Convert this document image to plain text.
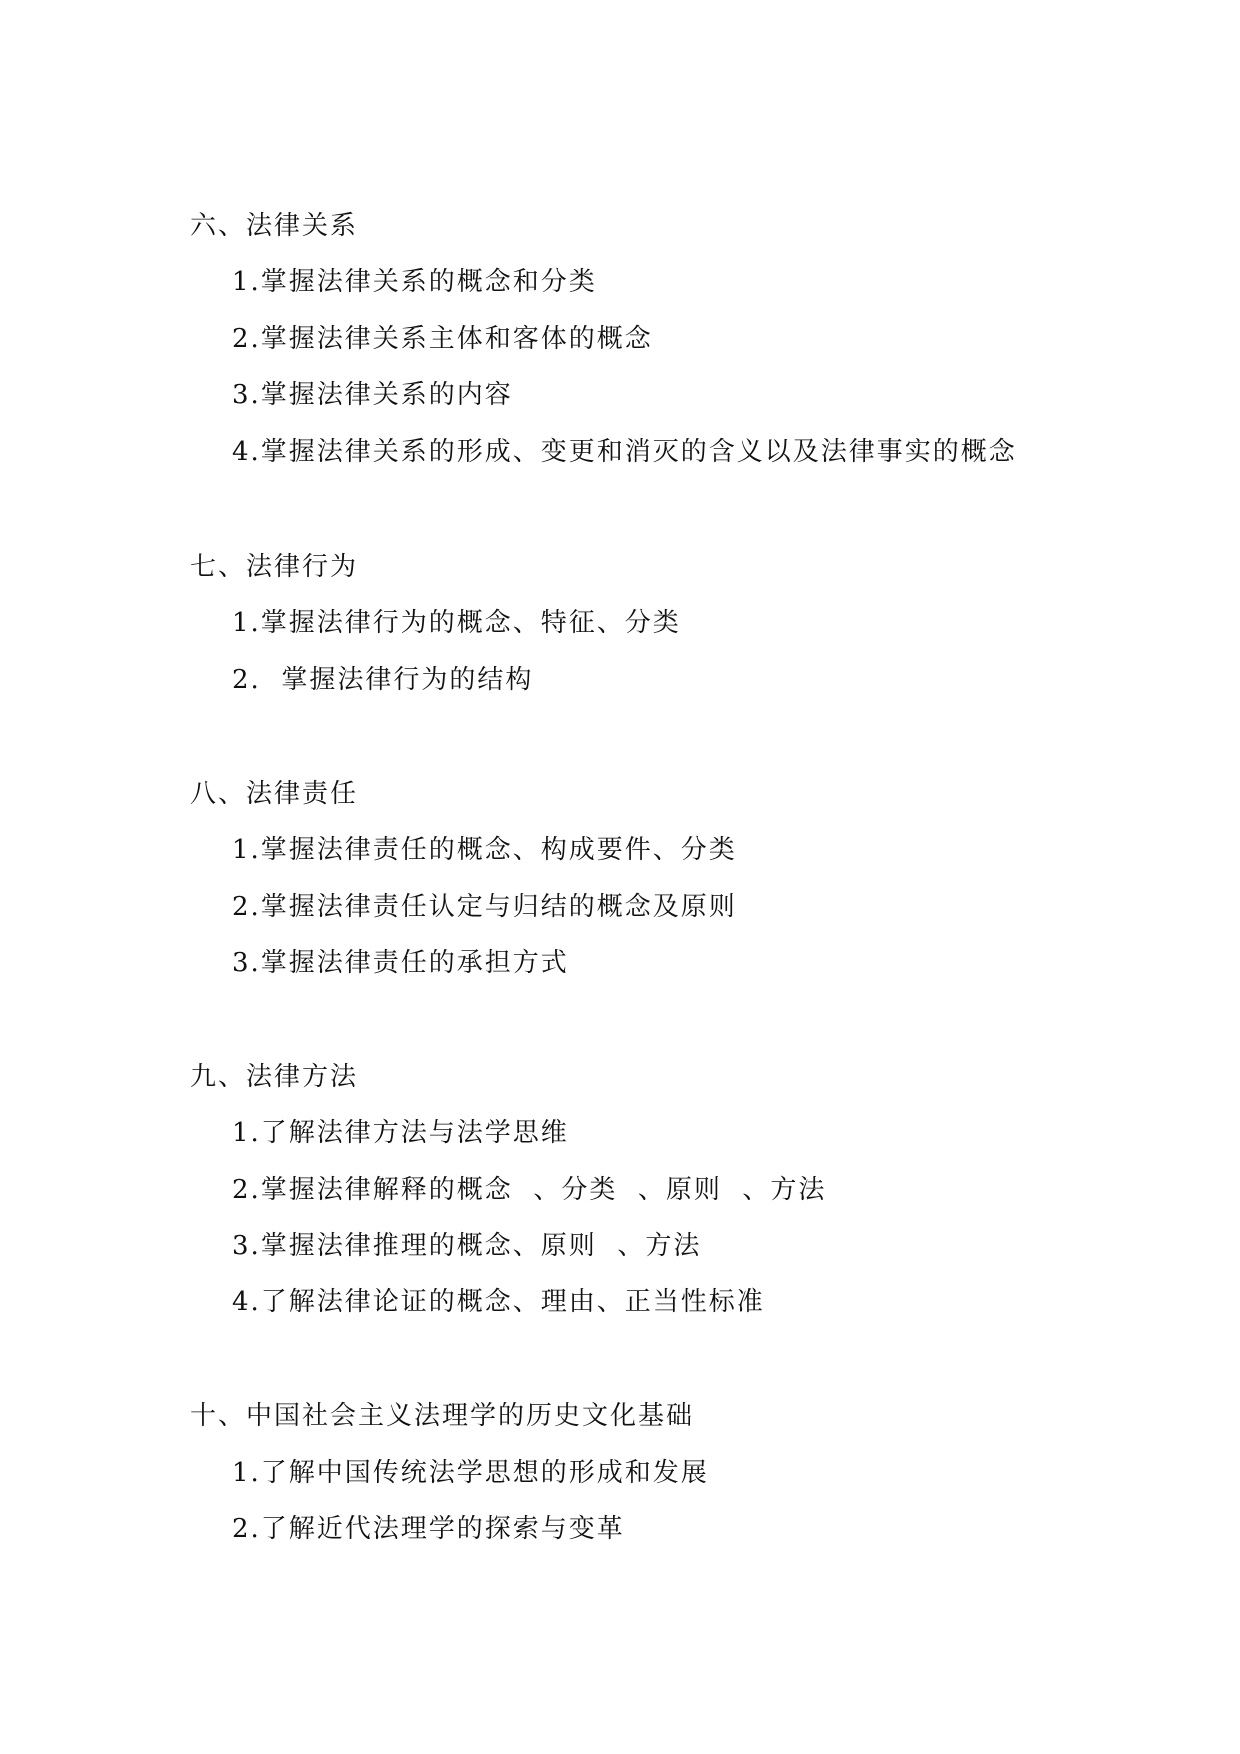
六、法律关系
1.掌握法律关系的概念和分类
2.掌握法律关系主体和客体的概念
3.掌握法律关系的内容
4.掌握法律关系的形成、变更和消灭的含义以及法律事实的概念
七、法律行为
1.掌握法律行为的概念、特征、分类
2.  掌握法律行为的结构
八、法律责任
1.掌握法律责任的概念、构成要件、分类
2.掌握法律责任认定与归结的概念及原则
3.掌握法律责任的承担方式
九、法律方法
1.了解法律方法与法学思维
2.掌握法律解释的概念  、分类  、原则  、方法
3.掌握法律推理的概念、原则  、方法
4.了解法律论证的概念、理由、正当性标准
十、中国社会主义法理学的历史文化基础
1.了解中国传统法学思想的形成和发展
2.了解近代法理学的探索与变革
